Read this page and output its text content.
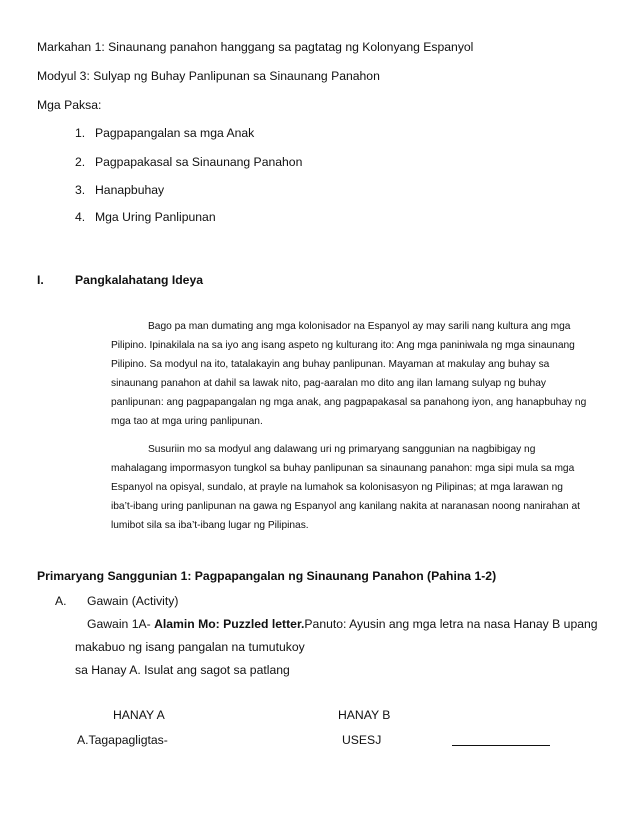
Markahan 1: Sinaunang panahon hanggang sa pagtatag ng Kolonyang Espanyol
Modyul 3: Sulyap ng Buhay Panlipunan sa Sinaunang Panahon
Mga Paksa:
1. Pagpapangalan sa mga Anak
2. Pagpapakasal sa Sinaunang Panahon
3. Hanapbuhay
4. Mga Uring Panlipunan
I.	Pangkalahatang Ideya
Bago pa man dumating ang mga kolonisador na Espanyol ay may sarili nang kultura ang mga
Pilipino. Ipinakilala na sa iyo ang isang aspeto ng kulturang ito: Ang mga paniniwala ng mga sinaunang
Pilipino. Sa modyul na ito, tatalakayin ang buhay panlipunan. Mayaman at makulay ang buhay sa
sinaunang panahon at dahil sa lawak nito, pag-aaralan mo dito ang ilan lamang sulyap ng buhay
panlipunan: ang pagpapangalan ng mga anak, ang pagpapakasal sa panahong iyon, ang hanapbuhay ng
mga tao at mga uring panlipunan.
Susuriin mo sa modyul ang dalawang uri ng primaryang sanggunian na nagbibigay ng
mahalagang impormasyon tungkol sa buhay panlipunan sa sinaunang panahon: mga sipi mula sa mga
Espanyol na opisyal, sundalo, at prayle na lumahok sa kolonisasyon ng Pilipinas; at mga larawan ng
iba’t-ibang uring panlipunan na gawa ng Espanyol ang kanilang nakita at naranasan noong nanirahan at
lumibot sila sa iba’t-ibang lugar ng Pilipinas.
Primaryang Sanggunian 1: Pagpapangalan ng Sinaunang Panahon (Pahina 1-2)
A. Gawain (Activity)
Gawain 1A- Alamin Mo: Puzzled letter.Panuto: Ayusin ang mga letra na nasa Hanay B upang
makabuo ng isang pangalan na tumutukoy
sa Hanay A. Isulat ang sagot sa patlang
HANAY A	HANAY B
A.Tagapagligtas-	USESJ
